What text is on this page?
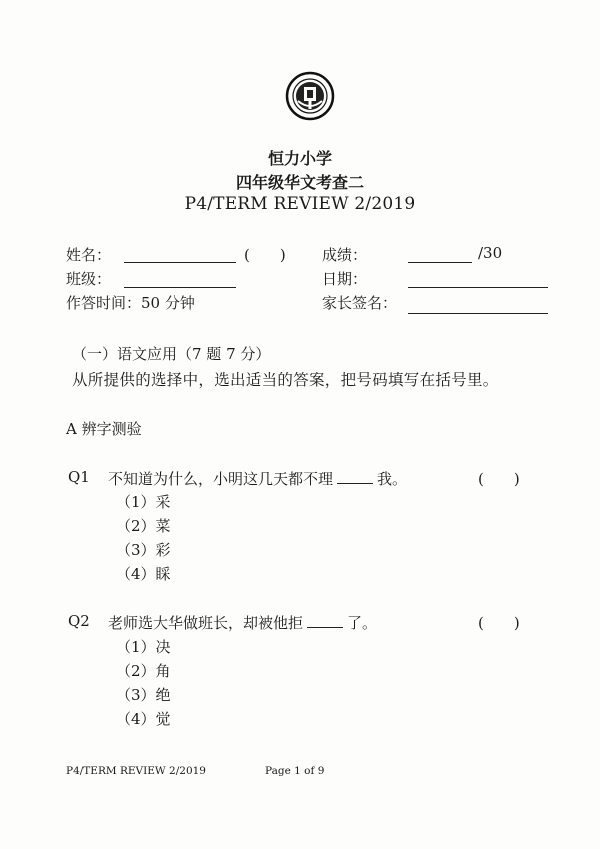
恒力小学
四年级华文考查二
P4/TERM REVIEW 2/2019
姓名：	(　　) 成绩：	/30
班级：	日期：
作答时间：50 分钟	家长签名：
（一）语文应用（7 题 7 分）
从所提供的选择中，选出适当的答案，把号码填写在括号里。
A 辨字测验
Q1 不知道为什么，小明这几天都不理	我。	(　　)
（1）采
（2）菜
（3）彩
（4）睬
Q2 老师选大华做班长，却被他拒	了。	(　　)
（1）决
（2）角
（3）绝
（4）觉
P4/TERM REVIEW 2/2019	Page 1 of 9
